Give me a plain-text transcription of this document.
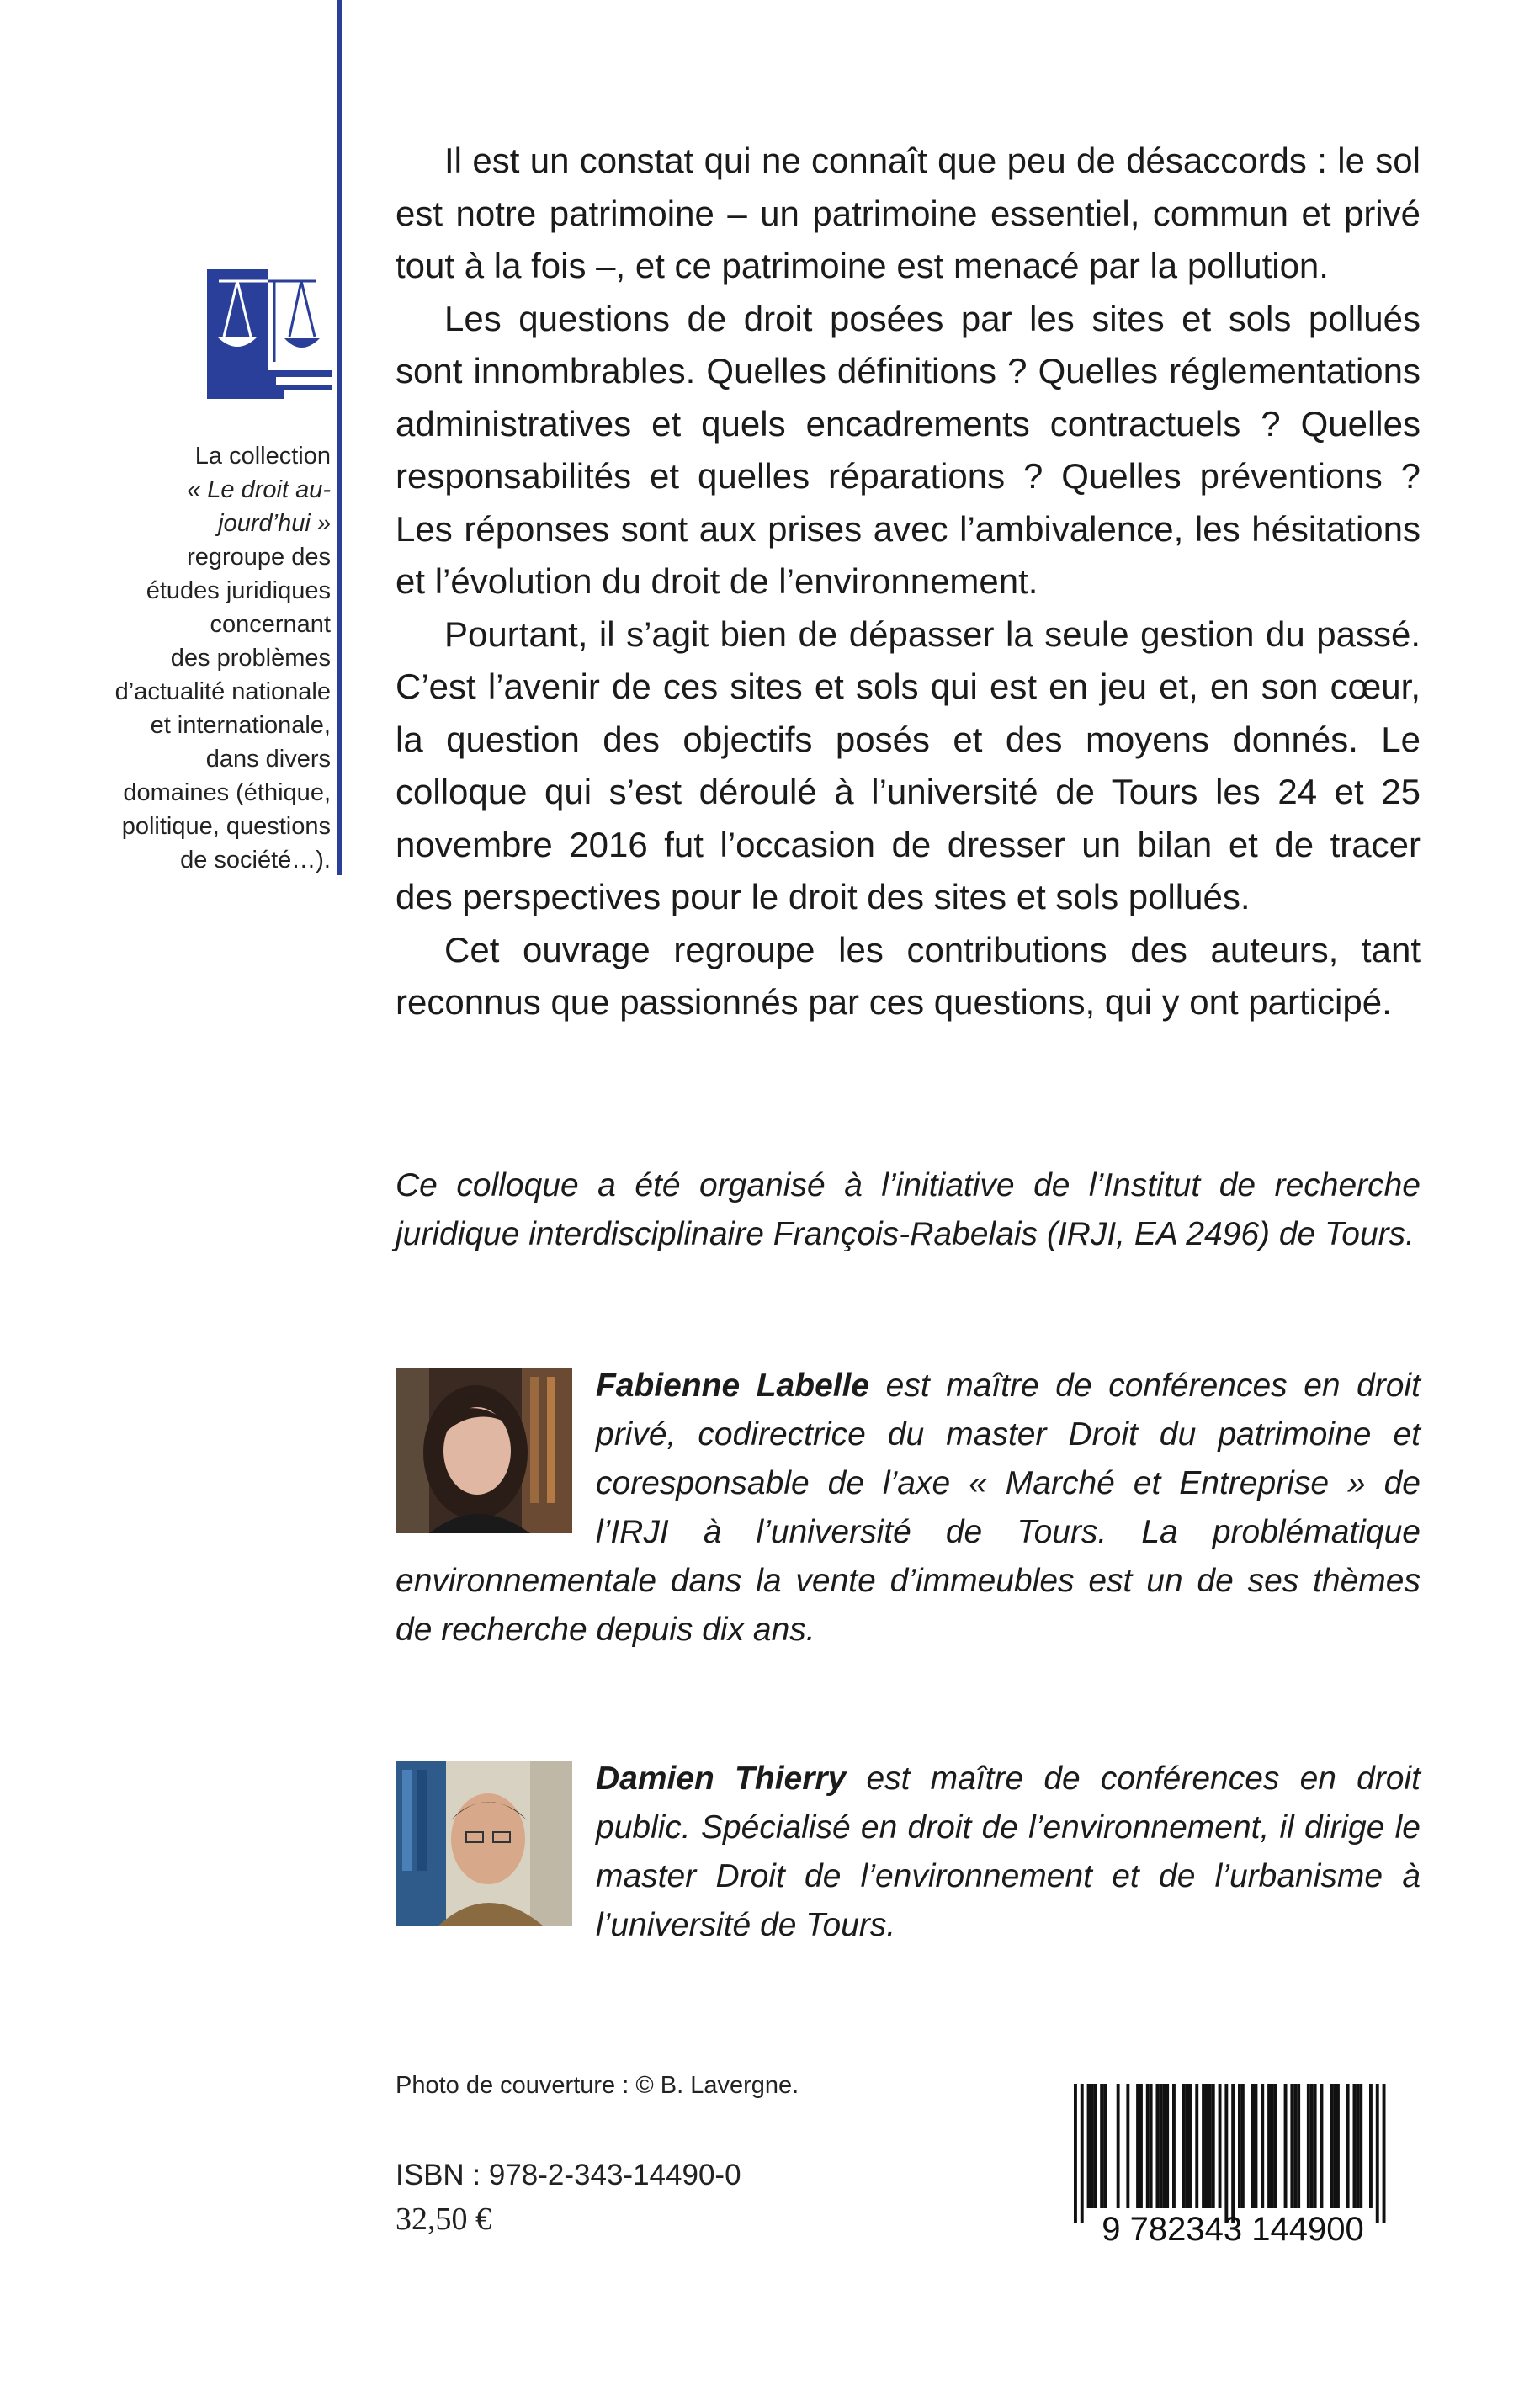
La collection
« Le droit au-
jourd’hui »
regroupe des
études juridiques
concernant
des problèmes
d’actualité nationale
et internationale,
dans divers
domaines (éthique,
politique, questions
de société…).

Il est un constat qui ne connaît que peu de désaccords : le sol est notre patrimoine – un patrimoine essentiel, commun et privé tout à la fois –, et ce patrimoine est menacé par la pollution.

Les questions de droit posées par les sites et sols pollués sont innombrables. Quelles définitions ? Quelles réglementations administratives et quels encadrements contractuels ? Quelles responsabilités et quelles réparations ? Quelles préventions ? Les réponses sont aux prises avec l’ambivalence, les hésitations et l’évolution du droit de l’environnement.

Pourtant, il s’agit bien de dépasser la seule gestion du passé. C’est l’avenir de ces sites et sols qui est en jeu et, en son cœur, la question des objectifs posés et des moyens donnés. Le colloque qui s’est déroulé à l’université de Tours les 24 et 25 novembre 2016 fut l’occasion de dresser un bilan et de tracer des perspectives pour le droit des sites et sols pollués.

Cet ouvrage regroupe les contributions des auteurs, tant reconnus que passionnés par ces questions, qui y ont participé.

Ce colloque a été organisé à l’initiative de l’Institut de recherche juridique interdisciplinaire François-Rabelais (IRJI, EA 2496) de Tours.
Fabienne Labelle est maître de conférences en droit privé, codirectrice du master Droit du patrimoine et coresponsable de l’axe « Marché et Entreprise » de l’IRJI à l’université de Tours. La problématique environnementale dans la vente d’immeubles est un de ses thèmes de recherche depuis dix ans.
Damien Thierry est maître de conférences en droit public. Spécialisé en droit de l’environnement, il dirige le master Droit de l’environnement et de l’urbanisme à l’université de Tours.
Photo de couverture : © B. Lavergne.
ISBN : 978-2-343-14490-0
32,50 €	9 782343 144900
